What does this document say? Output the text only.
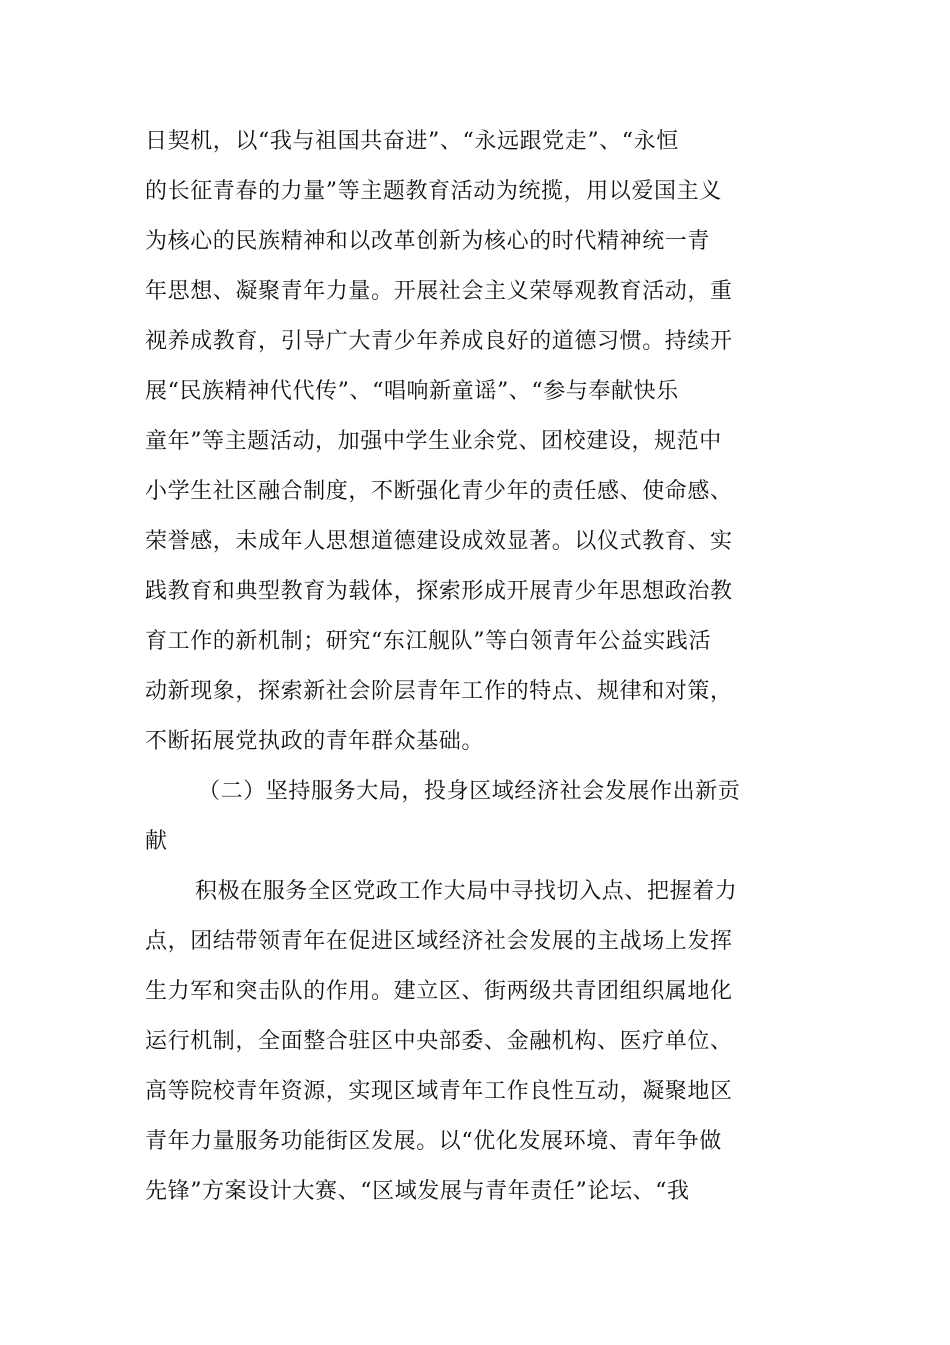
日契机，以“我与祖国共奋进”、“永远跟党走”、“永恒
的长征青春的力量”等主题教育活动为统揽，用以爱国主义
为核心的民族精神和以改革创新为核心的时代精神统一青
年思想、凝聚青年力量。开展社会主义荣辱观教育活动，重
视养成教育，引导广大青少年养成良好的道德习惯。持续开
展“民族精神代代传”、“唱响新童谣”、“参与奉献快乐
童年”等主题活动，加强中学生业余党、团校建设，规范中
小学生社区融合制度，不断强化青少年的责任感、使命感、
荣誉感，未成年人思想道德建设成效显著。以仪式教育、实
践教育和典型教育为载体，探索形成开展青少年思想政治教
育工作的新机制；研究“东江舰队”等白领青年公益实践活
动新现象，探索新社会阶层青年工作的特点、规律和对策，
不断拓展党执政的青年群众基础。
（二）坚持服务大局，投身区域经济社会发展作出新贡
献
积极在服务全区党政工作大局中寻找切入点、把握着力
点，团结带领青年在促进区域经济社会发展的主战场上发挥
生力军和突击队的作用。建立区、街两级共青团组织属地化
运行机制，全面整合驻区中央部委、金融机构、医疗单位、
高等院校青年资源，实现区域青年工作良性互动，凝聚地区
青年力量服务功能街区发展。以“优化发展环境、青年争做
先锋”方案设计大赛、“区域发展与青年责任”论坛、“我
